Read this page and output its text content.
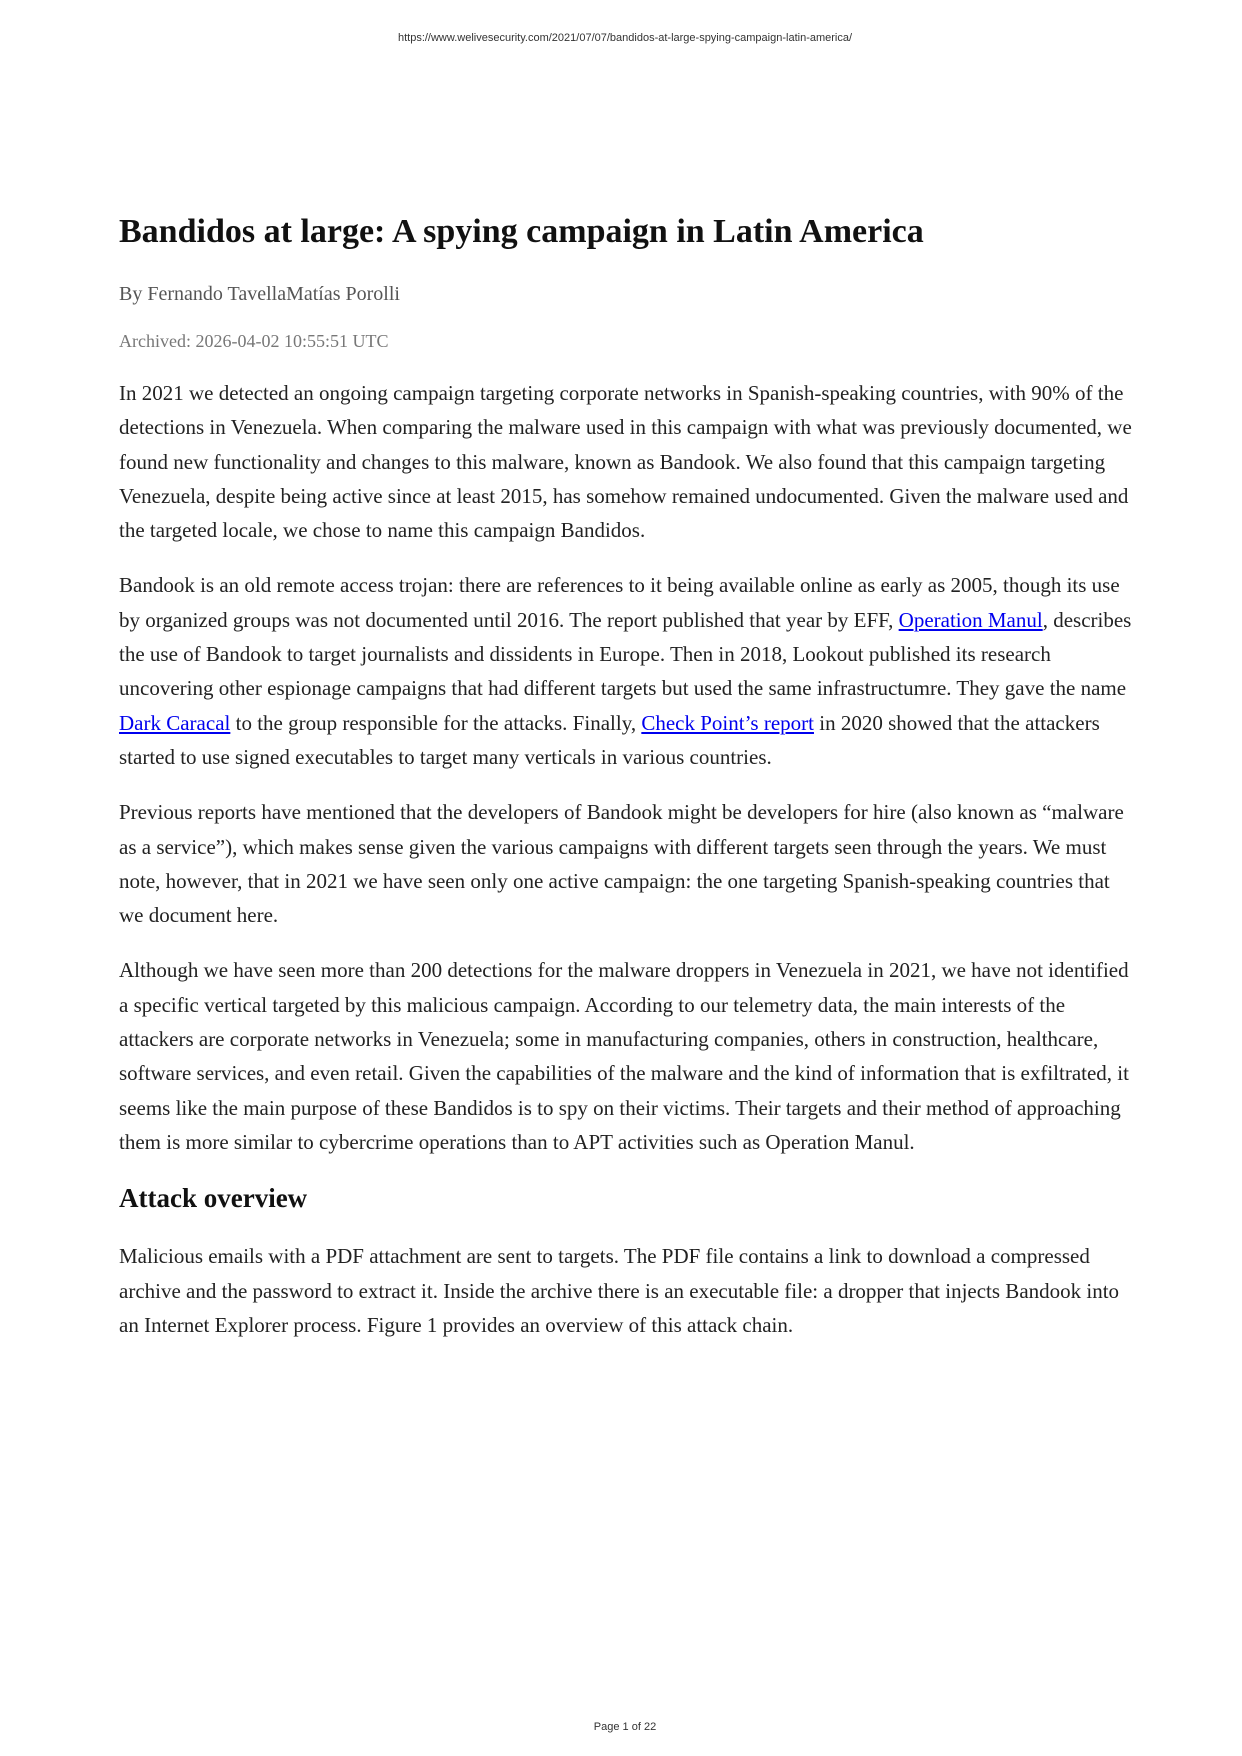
https://www.welivesecurity.com/2021/07/07/bandidos-at-large-spying-campaign-latin-america/
Bandidos at large: A spying campaign in Latin America
By Fernando TavellaMatías Porolli
Archived: 2026-04-02 10:55:51 UTC

In 2021 we detected an ongoing campaign targeting corporate networks in Spanish-speaking countries, with 90% of the detections in Venezuela. When comparing the malware used in this campaign with what was previously documented, we found new functionality and changes to this malware, known as Bandook. We also found that this campaign targeting Venezuela, despite being active since at least 2015, has somehow remained undocumented. Given the malware used and the targeted locale, we chose to name this campaign Bandidos.

Bandook is an old remote access trojan: there are references to it being available online as early as 2005, though its use by organized groups was not documented until 2016. The report published that year by EFF, Operation Manul, describes the use of Bandook to target journalists and dissidents in Europe. Then in 2018, Lookout published its research uncovering other espionage campaigns that had different targets but used the same infrastructumre. They gave the name Dark Caracal to the group responsible for the attacks. Finally, Check Point’s report in 2020 showed that the attackers started to use signed executables to target many verticals in various countries.

Previous reports have mentioned that the developers of Bandook might be developers for hire (also known as “malware as a service”), which makes sense given the various campaigns with different targets seen through the years. We must note, however, that in 2021 we have seen only one active campaign: the one targeting Spanish-speaking countries that we document here.

Although we have seen more than 200 detections for the malware droppers in Venezuela in 2021, we have not identified a specific vertical targeted by this malicious campaign. According to our telemetry data, the main interests of the attackers are corporate networks in Venezuela; some in manufacturing companies, others in construction, healthcare, software services, and even retail. Given the capabilities of the malware and the kind of information that is exfiltrated, it seems like the main purpose of these Bandidos is to spy on their victims. Their targets and their method of approaching them is more similar to cybercrime operations than to APT activities such as Operation Manul.

Attack overview

Malicious emails with a PDF attachment are sent to targets. The PDF file contains a link to download a compressed archive and the password to extract it. Inside the archive there is an executable file: a dropper that injects Bandook into an Internet Explorer process. Figure 1 provides an overview of this attack chain.

Page 1 of 22
